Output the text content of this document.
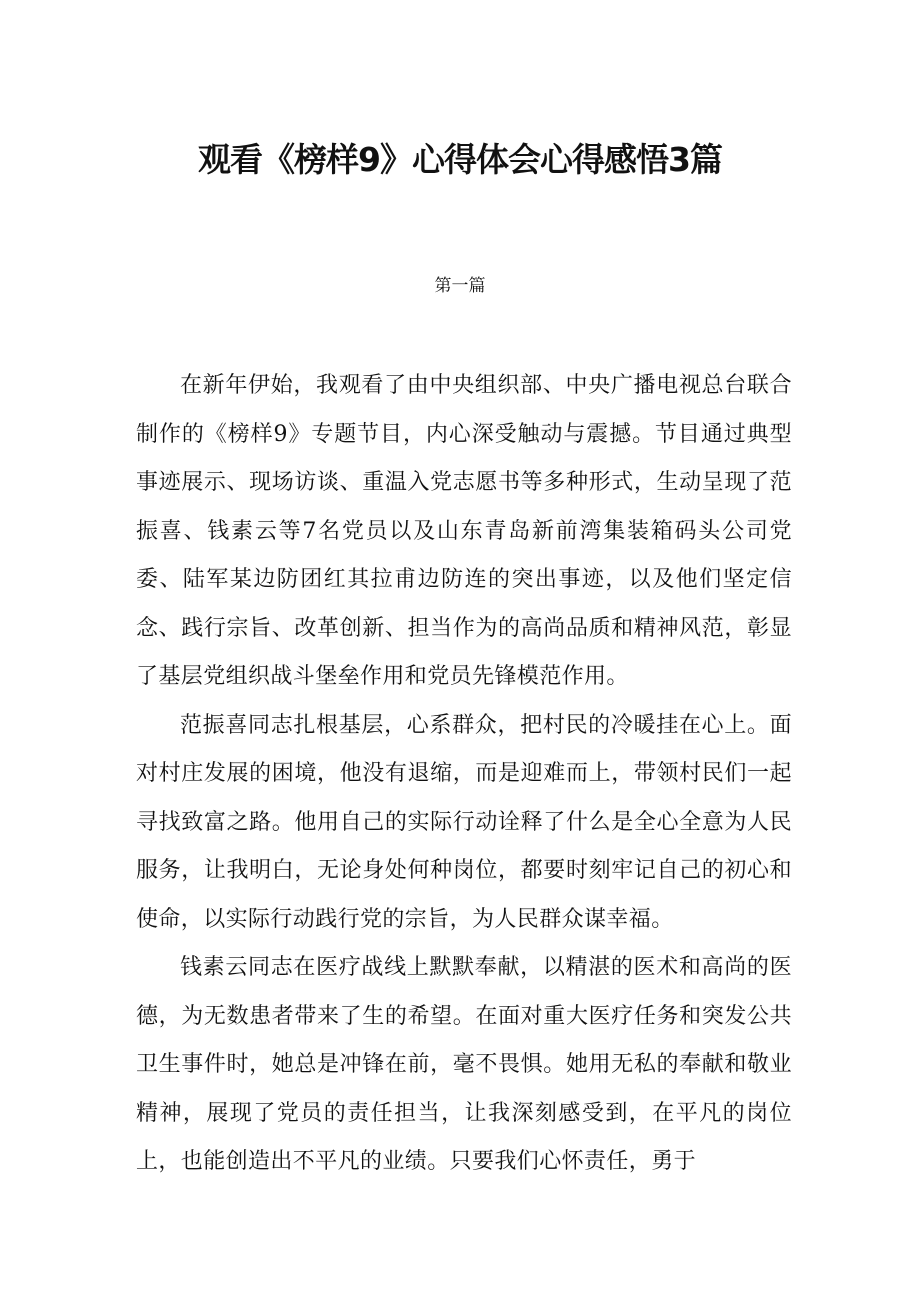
观看《榜样9》心得体会心得感悟3篇
第一篇

在新年伊始，我观看了由中央组织部、中央广播电视总台联合制作的《榜样9》专题节目，内心深受触动与震撼。节目通过典型事迹展示、现场访谈、重温入党志愿书等多种形式，生动呈现了范振喜、钱素云等7名党员以及山东青岛新前湾集装箱码头公司党委、陆军某边防团红其拉甫边防连的突出事迹，以及他们坚定信念、践行宗旨、改革创新、担当作为的高尚品质和精神风范，彰显了基层党组织战斗堡垒作用和党员先锋模范作用。

范振喜同志扎根基层，心系群众，把村民的冷暖挂在心上。面对村庄发展的困境，他没有退缩，而是迎难而上，带领村民们一起寻找致富之路。他用自己的实际行动诠释了什么是全心全意为人民服务，让我明白，无论身处何种岗位，都要时刻牢记自己的初心和使命，以实际行动践行党的宗旨，为人民群众谋幸福。

钱素云同志在医疗战线上默默奉献，以精湛的医术和高尚的医德，为无数患者带来了生的希望。在面对重大医疗任务和突发公共卫生事件时，她总是冲锋在前，毫不畏惧。她用无私的奉献和敬业精神，展现了党员的责任担当，让我深刻感受到，在平凡的岗位上，也能创造出不平凡的业绩。只要我们心怀责任，勇于
